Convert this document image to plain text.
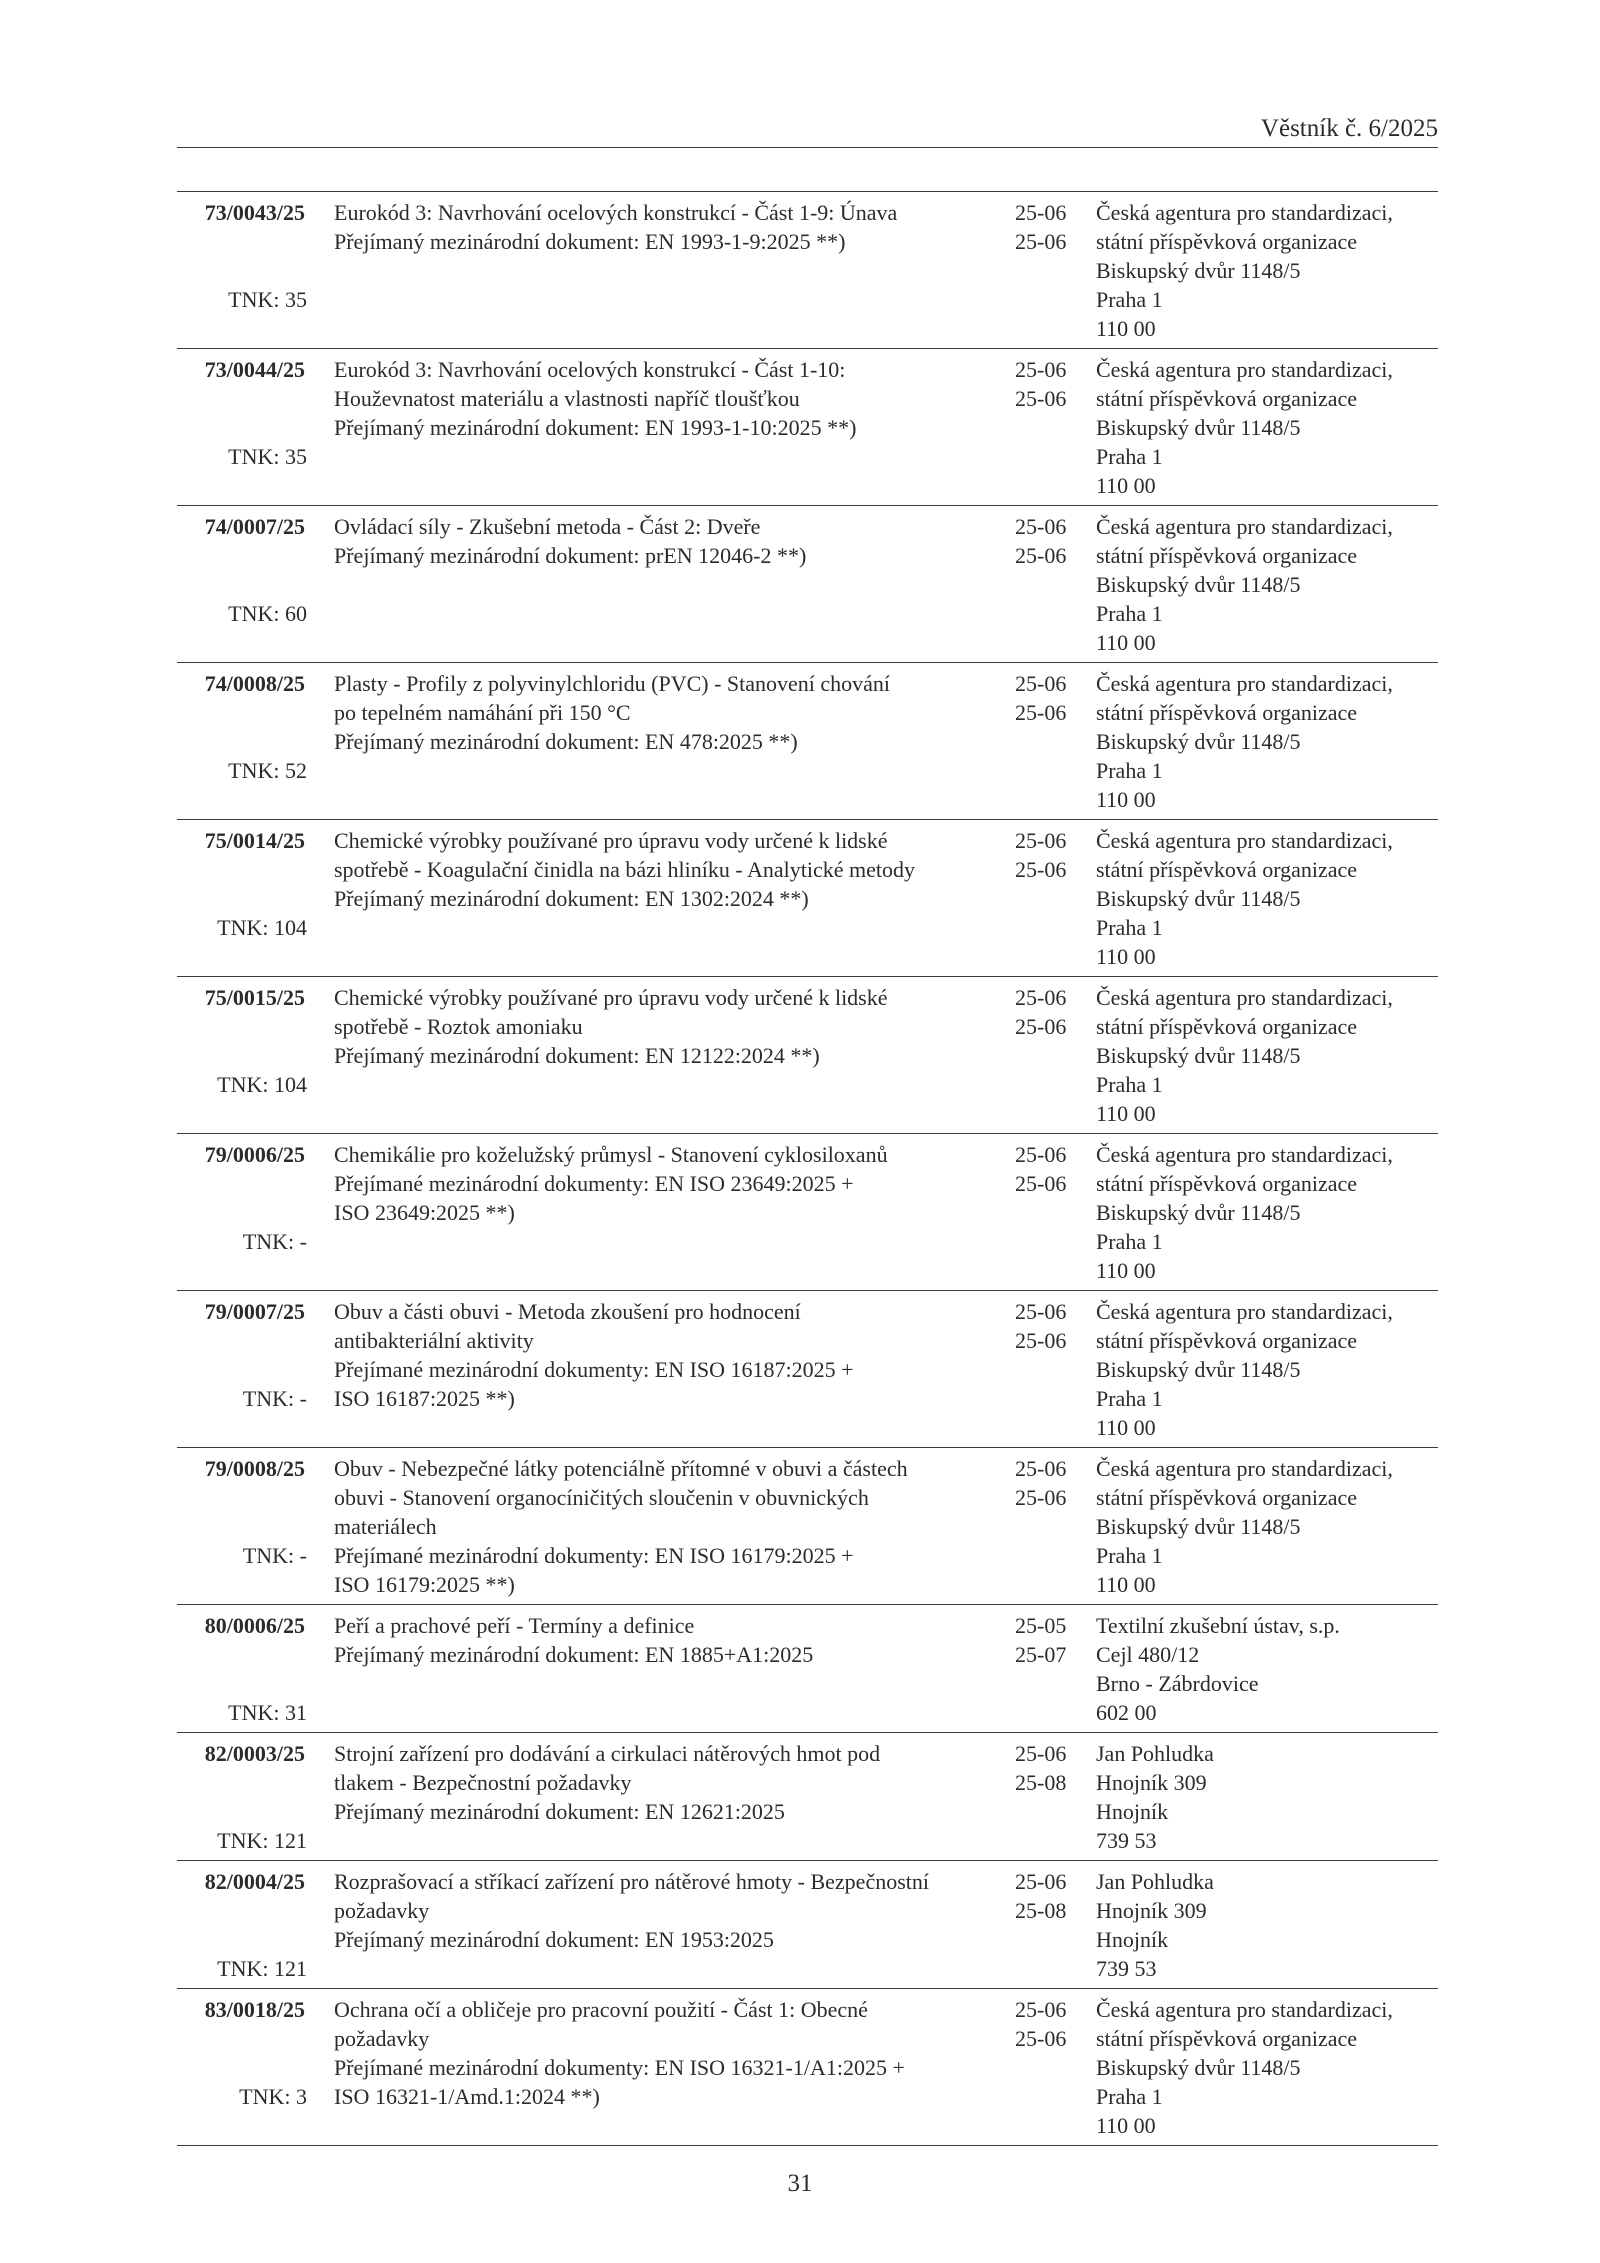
Věstník č. 6/2025
73/0043/25
TNK: 35
Eurokód 3: Navrhování ocelových konstrukcí - Část 1-9: Únava
Přejímaný mezinárodní dokument: EN 1993-1-9:2025 **)
25-06
25-06
Česká agentura pro standardizaci,
státní příspěvková organizace
Biskupský dvůr 1148/5
Praha 1
110 00
73/0044/25
TNK: 35
Eurokód 3: Navrhování ocelových konstrukcí - Část 1-10:
Houževnatost materiálu a vlastnosti napříč tloušťkou
Přejímaný mezinárodní dokument: EN 1993-1-10:2025 **)
25-06
25-06
Česká agentura pro standardizaci,
státní příspěvková organizace
Biskupský dvůr 1148/5
Praha 1
110 00
74/0007/25
TNK: 60
Ovládací síly - Zkušební metoda - Část 2: Dveře
Přejímaný mezinárodní dokument: prEN 12046-2 **)
25-06
25-06
Česká agentura pro standardizaci,
státní příspěvková organizace
Biskupský dvůr 1148/5
Praha 1
110 00
74/0008/25
TNK: 52
Plasty - Profily z polyvinylchloridu (PVC) - Stanovení chování
po tepelném namáhání při 150 °C
Přejímaný mezinárodní dokument: EN 478:2025 **)
25-06
25-06
Česká agentura pro standardizaci,
státní příspěvková organizace
Biskupský dvůr 1148/5
Praha 1
110 00
75/0014/25
TNK: 104
Chemické výrobky používané pro úpravu vody určené k lidské
spotřebě - Koagulační činidla na bázi hliníku - Analytické metody
Přejímaný mezinárodní dokument: EN 1302:2024 **)
25-06
25-06
Česká agentura pro standardizaci,
státní příspěvková organizace
Biskupský dvůr 1148/5
Praha 1
110 00
75/0015/25
TNK: 104
Chemické výrobky používané pro úpravu vody určené k lidské
spotřebě - Roztok amoniaku
Přejímaný mezinárodní dokument: EN 12122:2024 **)
25-06
25-06
Česká agentura pro standardizaci,
státní příspěvková organizace
Biskupský dvůr 1148/5
Praha 1
110 00
79/0006/25
TNK: -
Chemikálie pro koželužský průmysl - Stanovení cyklosiloxanů
Přejímané mezinárodní dokumenty: EN ISO 23649:2025 +
ISO 23649:2025 **)
25-06
25-06
Česká agentura pro standardizaci,
státní příspěvková organizace
Biskupský dvůr 1148/5
Praha 1
110 00
79/0007/25
TNK: -
Obuv a části obuvi - Metoda zkoušení pro hodnocení
antibakteriální aktivity
Přejímané mezinárodní dokumenty: EN ISO 16187:2025 +
ISO 16187:2025 **)
25-06
25-06
Česká agentura pro standardizaci,
státní příspěvková organizace
Biskupský dvůr 1148/5
Praha 1
110 00
79/0008/25
TNK: -
Obuv - Nebezpečné látky potenciálně přítomné v obuvi a částech
obuvi - Stanovení organocíničitých sloučenin v obuvnických
materiálech
Přejímané mezinárodní dokumenty: EN ISO 16179:2025 +
ISO 16179:2025 **)
25-06
25-06
Česká agentura pro standardizaci,
státní příspěvková organizace
Biskupský dvůr 1148/5
Praha 1
110 00
80/0006/25
TNK: 31
Peří a prachové peří - Termíny a definice
Přejímaný mezinárodní dokument: EN 1885+A1:2025
25-05
25-07
Textilní zkušební ústav, s.p.
Cejl 480/12
Brno - Zábrdovice
602 00
82/0003/25
TNK: 121
Strojní zařízení pro dodávání a cirkulaci nátěrových hmot pod
tlakem - Bezpečnostní požadavky
Přejímaný mezinárodní dokument: EN 12621:2025
25-06
25-08
Jan Pohludka
Hnojník 309
Hnojník
739 53
82/0004/25
TNK: 121
Rozprašovací a stříkací zařízení pro nátěrové hmoty - Bezpečnostní
požadavky
Přejímaný mezinárodní dokument: EN 1953:2025
25-06
25-08
Jan Pohludka
Hnojník 309
Hnojník
739 53
83/0018/25
TNK: 3
Ochrana očí a obličeje pro pracovní použití - Část 1: Obecné
požadavky
Přejímané mezinárodní dokumenty: EN ISO 16321-1/A1:2025 +
ISO 16321-1/Amd.1:2024 **)
25-06
25-06
Česká agentura pro standardizaci,
státní příspěvková organizace
Biskupský dvůr 1148/5
Praha 1
110 00
31
